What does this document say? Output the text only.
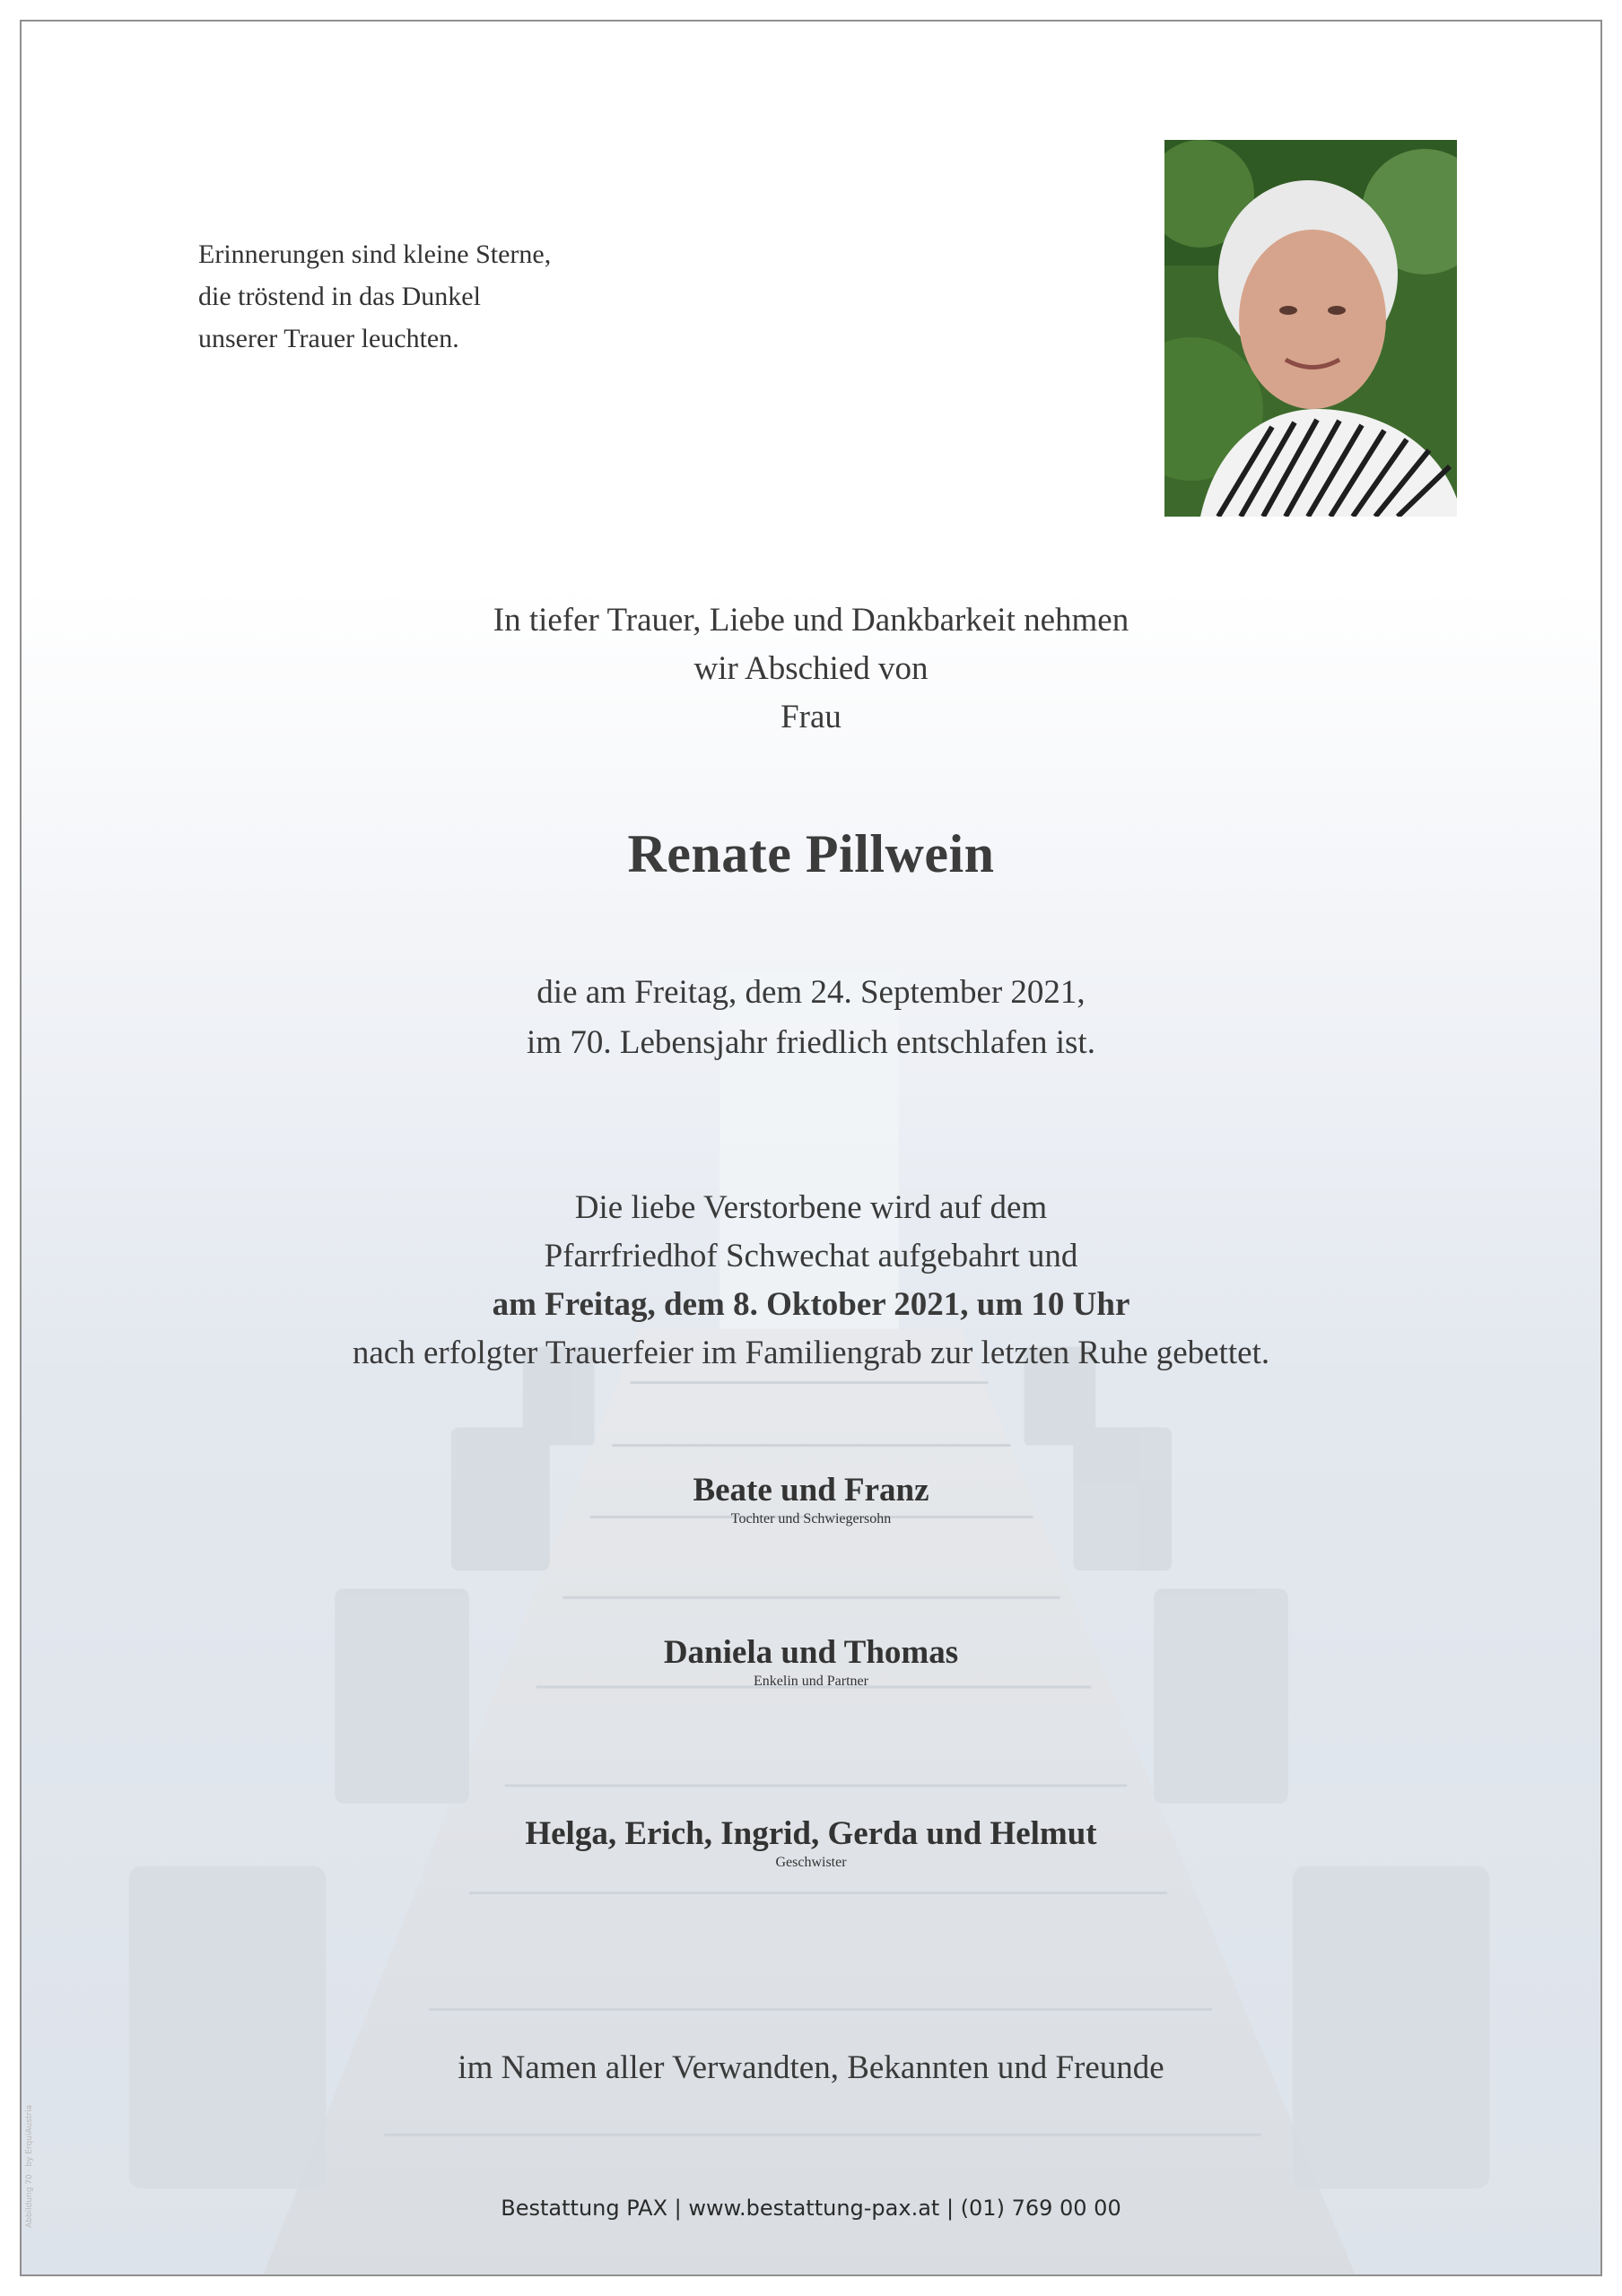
Abbildung 70 · by ErquiAustria
Erinnerungen sind kleine Sterne,
die tröstend in das Dunkel
unserer Trauer leuchten.
In tiefer Trauer, Liebe und Dankbarkeit nehmen
wir Abschied von
Frau
Renate Pillwein
die am Freitag, dem 24. September 2021,
im 70. Lebensjahr friedlich entschlafen ist.
Die liebe Verstorbene wird auf dem
Pfarrfriedhof Schwechat aufgebahrt und
am Freitag, dem 8. Oktober 2021, um 10 Uhr
nach erfolgter Trauerfeier im Familiengrab zur letzten Ruhe gebettet.
Beate und Franz
Tochter und Schwiegersohn
Daniela und Thomas
Enkelin und Partner
Helga, Erich, Ingrid, Gerda und Helmut
Geschwister
im Namen aller Verwandten, Bekannten und Freunde
Bestattung PAX | www.bestattung-pax.at | (01) 769 00 00
